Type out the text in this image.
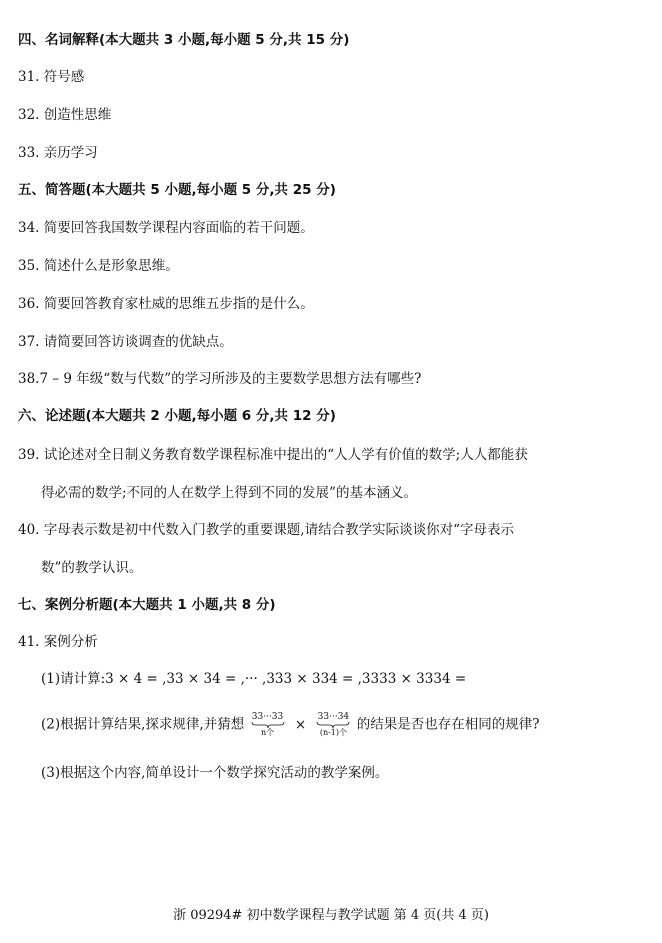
四、名词解释(本大题共 3 小题,每小题 5 分,共 15 分)
31. 符号感
32. 创造性思维
33. 亲历学习
五、简答题(本大题共 5 小题,每小题 5 分,共 25 分)
34. 简要回答我国数学课程内容面临的若干问题。
35. 简述什么是形象思维。
36. 简要回答教育家杜威的思维五步指的是什么。
37. 请简要回答访谈调查的优缺点。
38.7 – 9 年级“数与代数”的学习所涉及的主要数学思想方法有哪些?
六、论述题(本大题共 2 小题,每小题 6 分,共 12 分)
39. 试论述对全日制义务教育数学课程标准中提出的“人人学有价值的数学;人人都能获
得必需的数学;不同的人在数学上得到不同的发展”的基本涵义。
40. 字母表示数是初中代数入门教学的重要课题,请结合教学实际谈谈你对“字母表示
数”的教学认识。
七、案例分析题(本大题共 1 小题,共 8 分)
41. 案例分析
(1)请计算:3 × 4 = ,33 × 34 = ,··· ,333 × 334 = ,3333 × 3334 =
(2)根据计算结果,探求规律,并猜想 33···33
n个	× 33···34
(n-1)个 的结果是否也存在相同的规律?
(3)根据这个内容,简单设计一个数学探究活动的教学案例。
浙 09294# 初中数学课程与教学试题 第 4 页(共 4 页)
